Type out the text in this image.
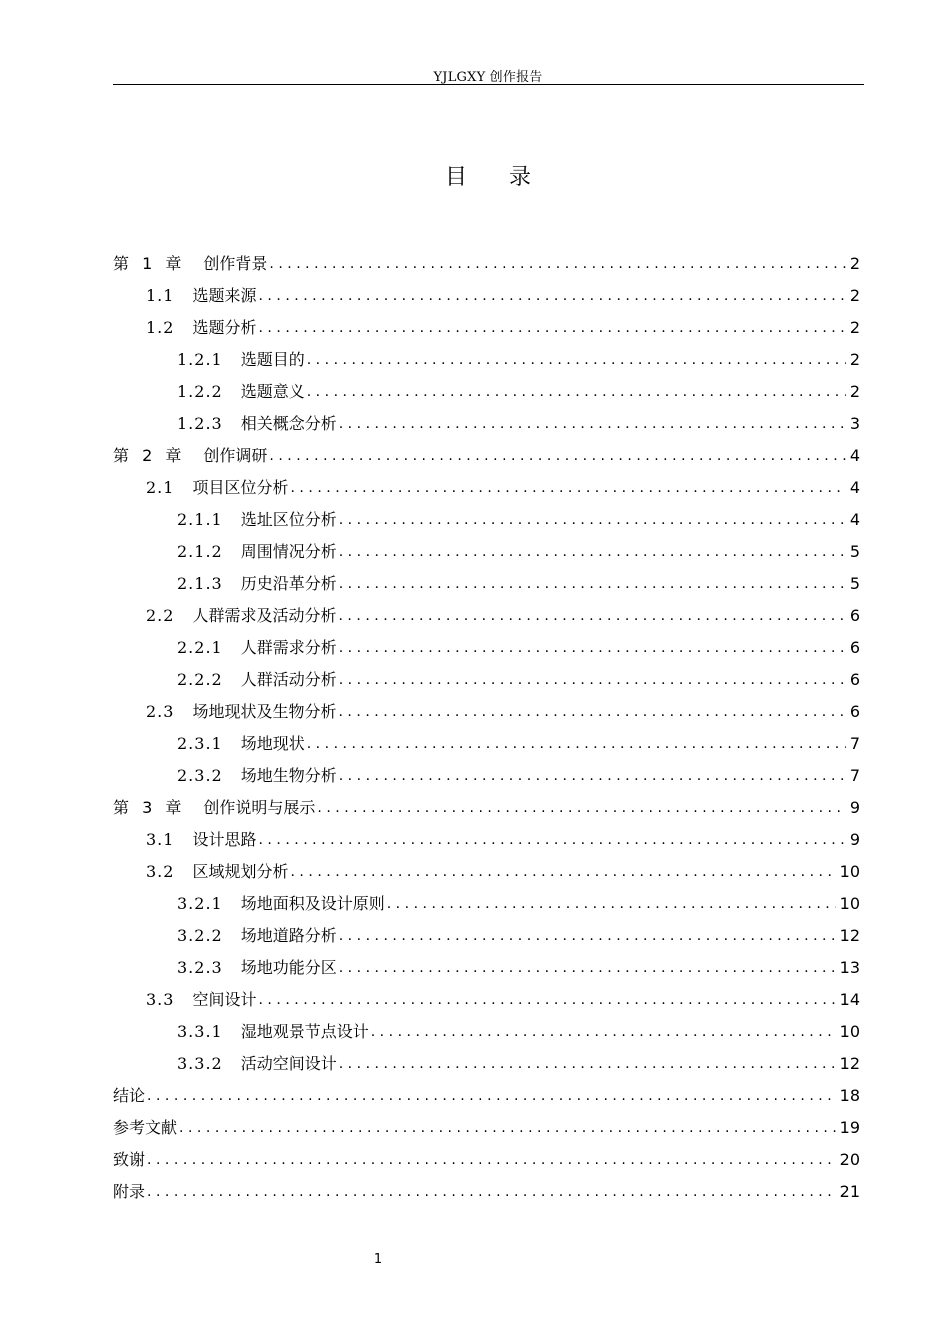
YJLGXY 创作报告
目录
第 1 章 创作背景 .....	2
1.1 选题来源 .....	2
1.2 选题分析 .....	2
1.2.1 选题目的 .....	2
1.2.2 选题意义 .....	2
1.2.3 相关概念分析 .....	3
第 2 章 创作调研 .....	4
2.1 项目区位分析 .....	4
2.1.1 选址区位分析 .....	4
2.1.2 周围情况分析 .....	5
2.1.3 历史沿革分析 .....	5
2.2 人群需求及活动分析 .....	6
2.2.1 人群需求分析 .....	6
2.2.2 人群活动分析 .....	6
2.3 场地现状及生物分析 .....	6
2.3.1 场地现状 .....	7
2.3.2 场地生物分析 .....	7
第 3 章 创作说明与展示 .....	9
3.1 设计思路 .....	9
3.2 区域规划分析 .....	10
3.2.1 场地面积及设计原则 .....	10
3.2.2 场地道路分析 .....	12
3.2.3 场地功能分区 .....	13
3.3 空间设计 .....	14
3.3.1 湿地观景节点设计 .....	10
3.3.2 活动空间设计 .....	12
结论 .....	18
参考文献 .....	19
致谢 .....	20
附录 .....	21
1
